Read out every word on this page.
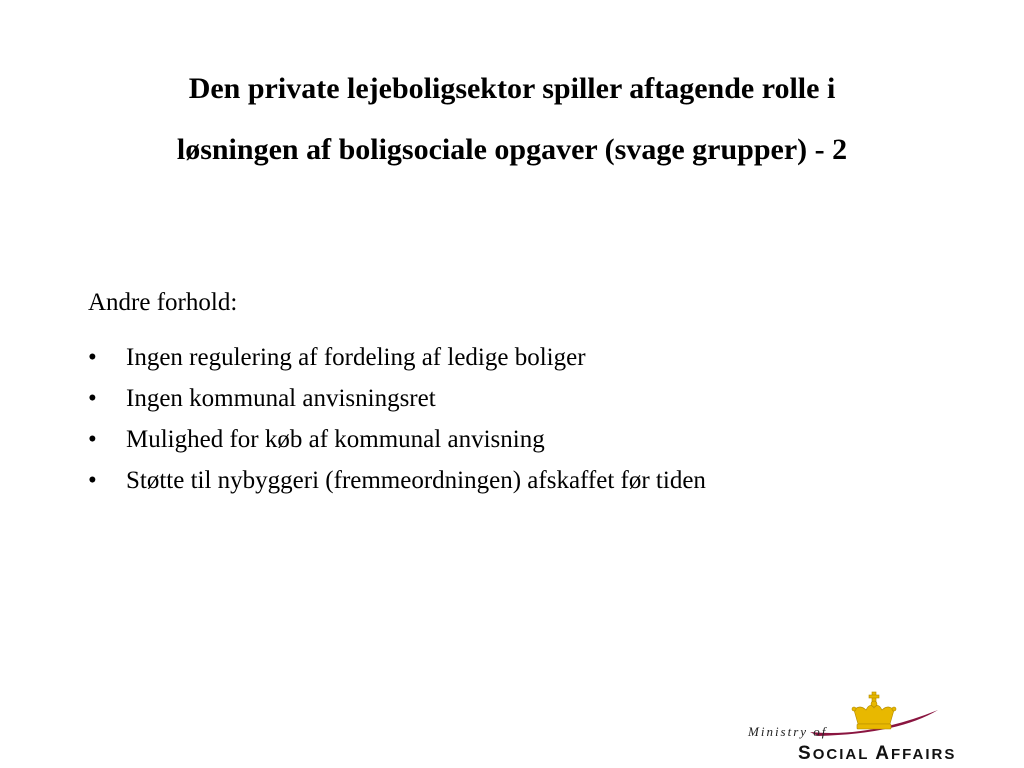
Den private lejeboligsektor spiller aftagende rolle i
løsningen af boligsociale opgaver (svage grupper) - 2
Andre forhold:
• Ingen regulering af fordeling af ledige boliger
• Ingen kommunal anvisningsret
• Mulighed for køb af kommunal anvisning
• Støtte til nybyggeri (fremmeordningen) afskaffet før tiden
Ministry of
SOCIAL AFFAIRS
